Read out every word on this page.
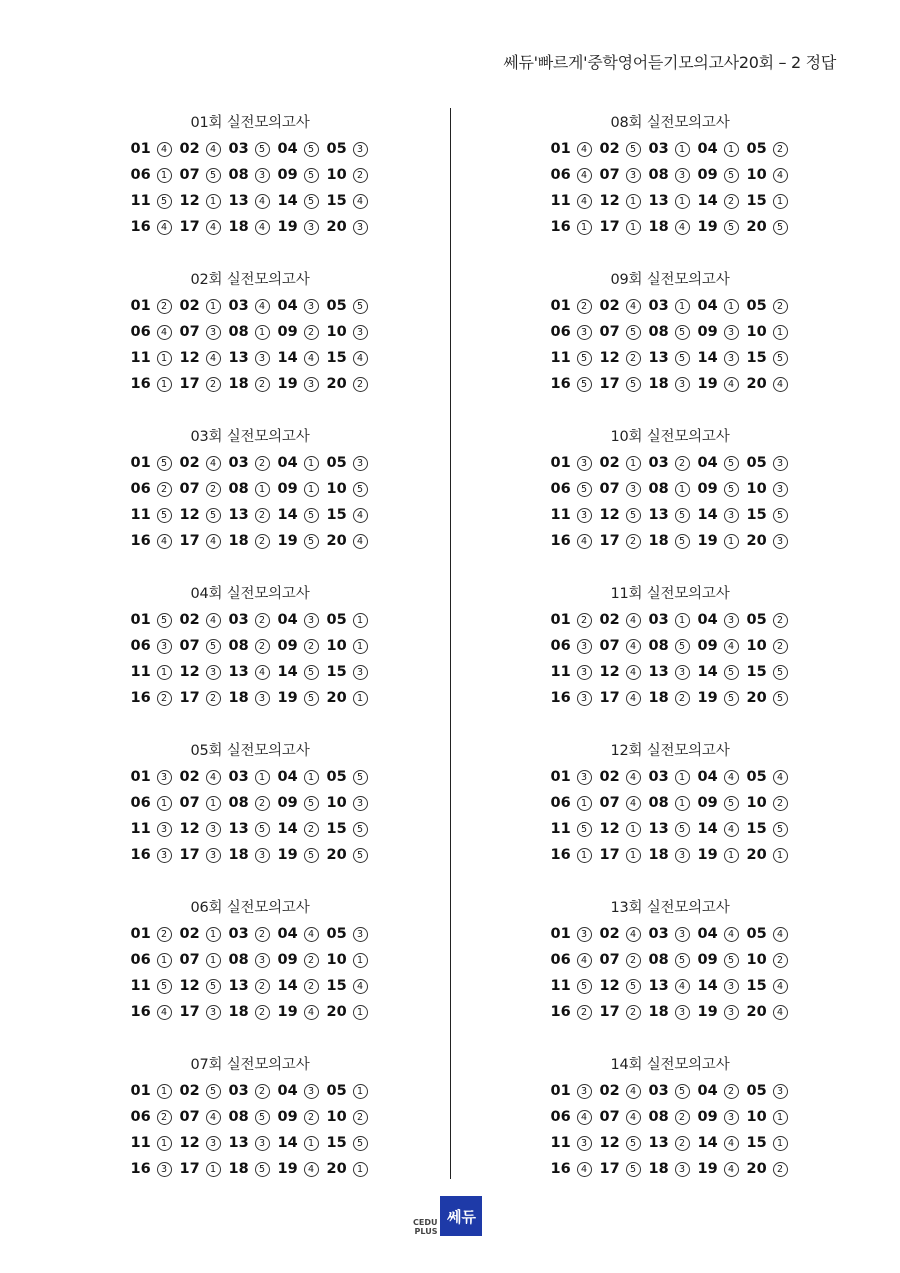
쎄듀'빠르게'중학영어듣기모의고사20회 – 2 정답
01회 실전모의고사
01	4 02	4 03	5 04	5 05	3
06	1 07	5 08	3 09	5 10	2
11	5 12	1 13	4 14	5 15	4
16	4 17	4 18	4 19	3 20	3
02회 실전모의고사
01	2 02	1 03	4 04	3 05	5
06	4 07	3 08	1 09	2 10	3
11	1 12	4 13	3 14	4 15	4
16	1 17	2 18	2 19	3 20	2
03회 실전모의고사
01	5 02	4 03	2 04	1 05	3
06	2 07	2 08	1 09	1 10	5
11	5 12	5 13	2 14	5 15	4
16	4 17	4 18	2 19	5 20	4
04회 실전모의고사
01	5 02	4 03	2 04	3 05	1
06	3 07	5 08	2 09	2 10	1
11	1 12	3 13	4 14	5 15	3
16	2 17	2 18	3 19	5 20	1
05회 실전모의고사
01	3 02	4 03	1 04	1 05	5
06	1 07	1 08	2 09	5 10	3
11	3 12	3 13	5 14	2 15	5
16	3 17	3 18	3 19	5 20	5
06회 실전모의고사
01	2 02	1 03	2 04	4 05	3
06	1 07	1 08	3 09	2 10	1
11	5 12	5 13	2 14	2 15	4
16	4 17	3 18	2 19	4 20	1
07회 실전모의고사
01	1 02	5 03	2 04	3 05	1
06	2 07	4 08	5 09	2 10	2
11	1 12	3 13	3 14	1 15	5
16	3 17	1 18	5 19	4 20	1
08회 실전모의고사
01	4 02	5 03	1 04	1 05	2
06	4 07	3 08	3 09	5 10	4
11	4 12	1 13	1 14	2 15	1
16	1 17	1 18	4 19	5 20	5
09회 실전모의고사
01	2 02	4 03	1 04	1 05	2
06	3 07	5 08	5 09	3 10	1
11	5 12	2 13	5 14	3 15	5
16	5 17	5 18	3 19	4 20	4
10회 실전모의고사
01	3 02	1 03	2 04	5 05	3
06	5 07	3 08	1 09	5 10	3
11	3 12	5 13	5 14	3 15	5
16	4 17	2 18	5 19	1 20	3
11회 실전모의고사
01	2 02	4 03	1 04	3 05	2
06	3 07	4 08	5 09	4 10	2
11	3 12	4 13	3 14	5 15	5
16	3 17	4 18	2 19	5 20	5
12회 실전모의고사
01	3 02	4 03	1 04	4 05	4
06	1 07	4 08	1 09	5 10	2
11	5 12	1 13	5 14	4 15	5
16	1 17	1 18	3 19	1 20	1
13회 실전모의고사
01	3 02	4 03	3 04	4 05	4
06	4 07	2 08	5 09	5 10	2
11	5 12	5 13	4 14	3 15	4
16	2 17	2 18	3 19	3 20	4
14회 실전모의고사
01	3 02	4 03	5 04	2 05	3
06	4 07	4 08	2 09	3 10	1
11	3 12	5 13	2 14	4 15	1
16	4 17	5 18	3 19	4 20	2
CEDU
PLUS
쎄듀
